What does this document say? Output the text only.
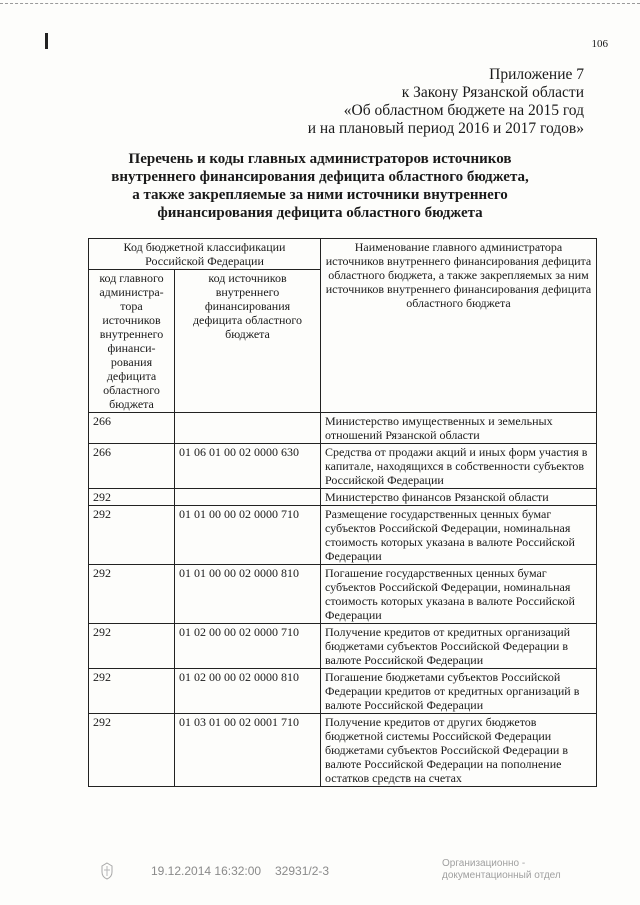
106
Приложение 7
к Закону Рязанской области
«Об областном бюджете на 2015 год
и на плановый период 2016 и 2017 годов»
Перечень и коды главных администраторов источников
внутреннего финансирования дефицита областного бюджета,
а также закрепляемые за ними источники внутреннего
финансирования дефицита областного бюджета
Код бюджетной классификации Российской Федерации		Наименование главного администратора источников внутреннего финансирования дефицита областного бюджета, а также закрепляемых за ним источников внутреннего финансирования дефицита областного бюджета
код главного администра-тора источников внутреннего финанси-рования дефицита областного бюджета	код источников внутреннего финансирования дефицита областного бюджета	
266		Министерство имущественных и земельных отношений Рязанской области
266	01 06 01 00 02 0000 630	Средства от продажи акций и иных форм участия в капитале, находящихся в собственности субъектов Российской Федерации
292		Министерство финансов Рязанской области
292	01 01 00 00 02 0000 710	Размещение государственных ценных бумаг субъектов Российской Федерации, номинальная стоимость которых указана в валюте Российской Федерации
292	01 01 00 00 02 0000 810	Погашение государственных ценных бумаг субъектов Российской Федерации, номинальная стоимость которых указана в валюте Российской Федерации
292	01 02 00 00 02 0000 710	Получение кредитов от кредитных организаций бюджетами субъектов Российской Федерации в валюте Российской Федерации
292	01 02 00 00 02 0000 810	Погашение бюджетами субъектов Российской Федерации кредитов от кредитных организаций в валюте Российской Федерации
292	01 03 01 00 02 0001 710	Получение кредитов от других бюджетов бюджетной системы Российской Федерации бюджетами субъектов Российской Федерации в валюте Российской Федерации на пополнение остатков средств на счетах
19.12.2014 16:32:00 32931/2-3
Организационно -
документационный отдел
